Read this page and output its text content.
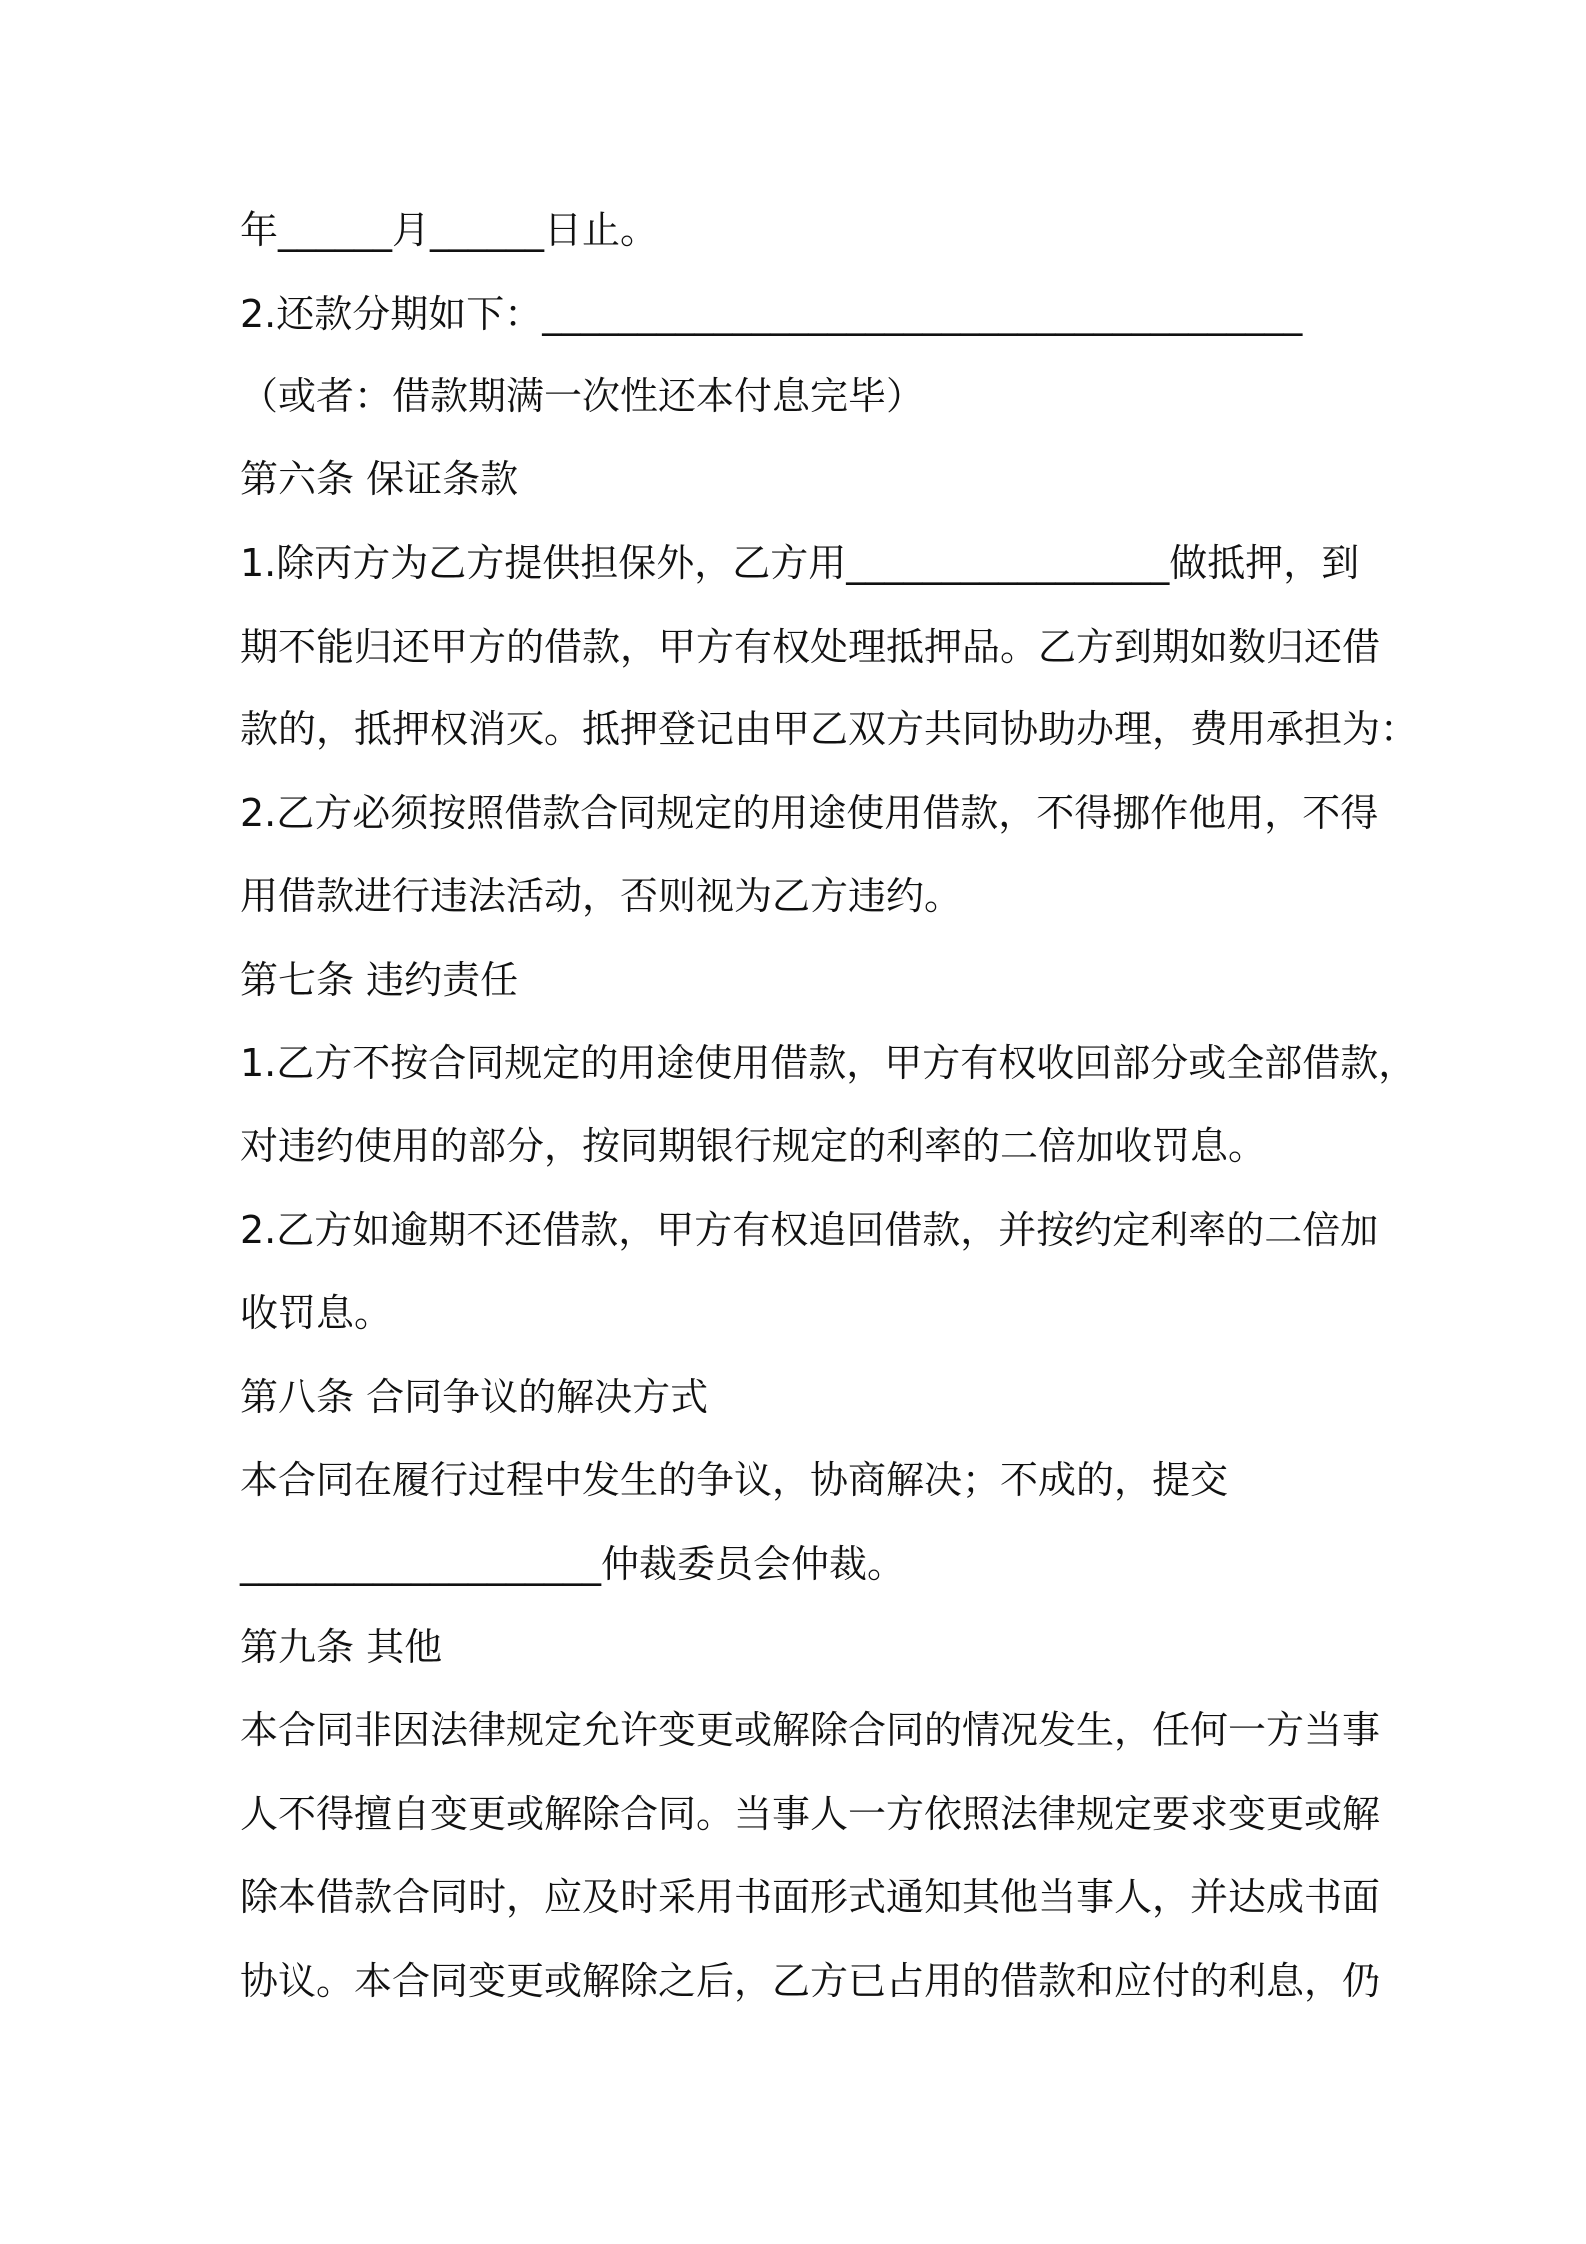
年______月______日止。
2.还款分期如下：________________________________________
（或者：借款期满一次性还本付息完毕）
第六条 保证条款
1.除丙方为乙方提供担保外，乙方用_________________做抵押，到
期不能归还甲方的借款，甲方有权处理抵押品。乙方到期如数归还借
款的，抵押权消灭。抵押登记由甲乙双方共同协助办理，费用承担为：
2.乙方必须按照借款合同规定的用途使用借款，不得挪作他用，不得
用借款进行违法活动，否则视为乙方违约。
第七条 违约责任
1.乙方不按合同规定的用途使用借款，甲方有权收回部分或全部借款，
对违约使用的部分，按同期银行规定的利率的二倍加收罚息。
2.乙方如逾期不还借款，甲方有权追回借款，并按约定利率的二倍加
收罚息。
第八条 合同争议的解决方式
本合同在履行过程中发生的争议，协商解决；不成的，提交
___________________仲裁委员会仲裁。
第九条 其他
本合同非因法律规定允许变更或解除合同的情况发生，任何一方当事
人不得擅自变更或解除合同。当事人一方依照法律规定要求变更或解
除本借款合同时，应及时采用书面形式通知其他当事人，并达成书面
协议。本合同变更或解除之后，乙方已占用的借款和应付的利息，仍
